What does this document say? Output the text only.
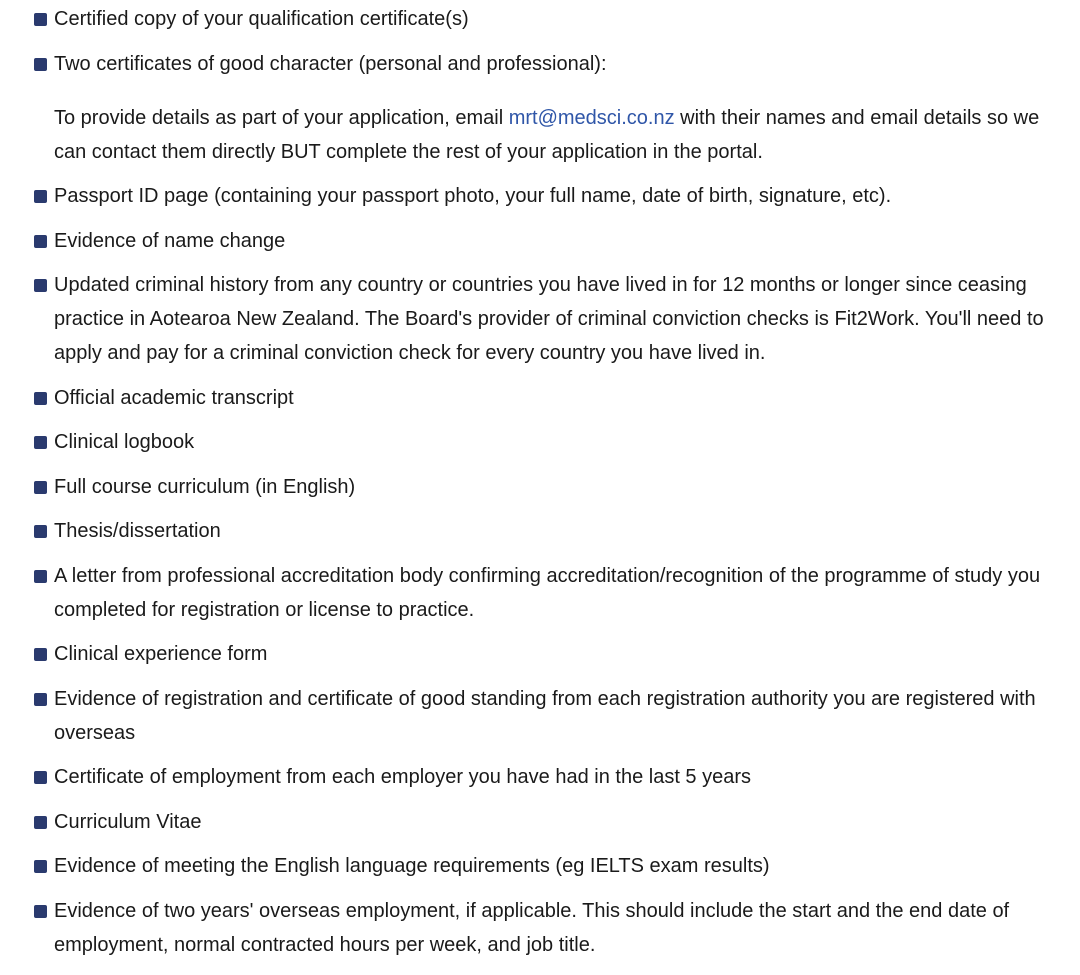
Certified copy of your qualification certificate(s)
Two certificates of good character (personal and professional):

To provide details as part of your application, email mrt@medsci.co.nz with their names and email details so we can contact them directly BUT complete the rest of your application in the portal.

Passport ID page (containing your passport photo, your full name, date of birth, signature, etc).
Evidence of name change
Updated criminal history from any country or countries you have lived in for 12 months or longer since ceasing practice in Aotearoa New Zealand. The Board's provider of criminal conviction checks is Fit2Work. You'll need to apply and pay for a criminal conviction check for every country you have lived in.
Official academic transcript
Clinical logbook
Full course curriculum (in English)
Thesis/dissertation
A letter from professional accreditation body confirming accreditation/recognition of the programme of study you completed for registration or license to practice.
Clinical experience form
Evidence of registration and certificate of good standing from each registration authority you are registered with overseas
Certificate of employment from each employer you have had in the last 5 years
Curriculum Vitae
Evidence of meeting the English language requirements (eg IELTS exam results)
Evidence of two years' overseas employment, if applicable. This should include the start and the end date of employment, normal contracted hours per week, and job title.
